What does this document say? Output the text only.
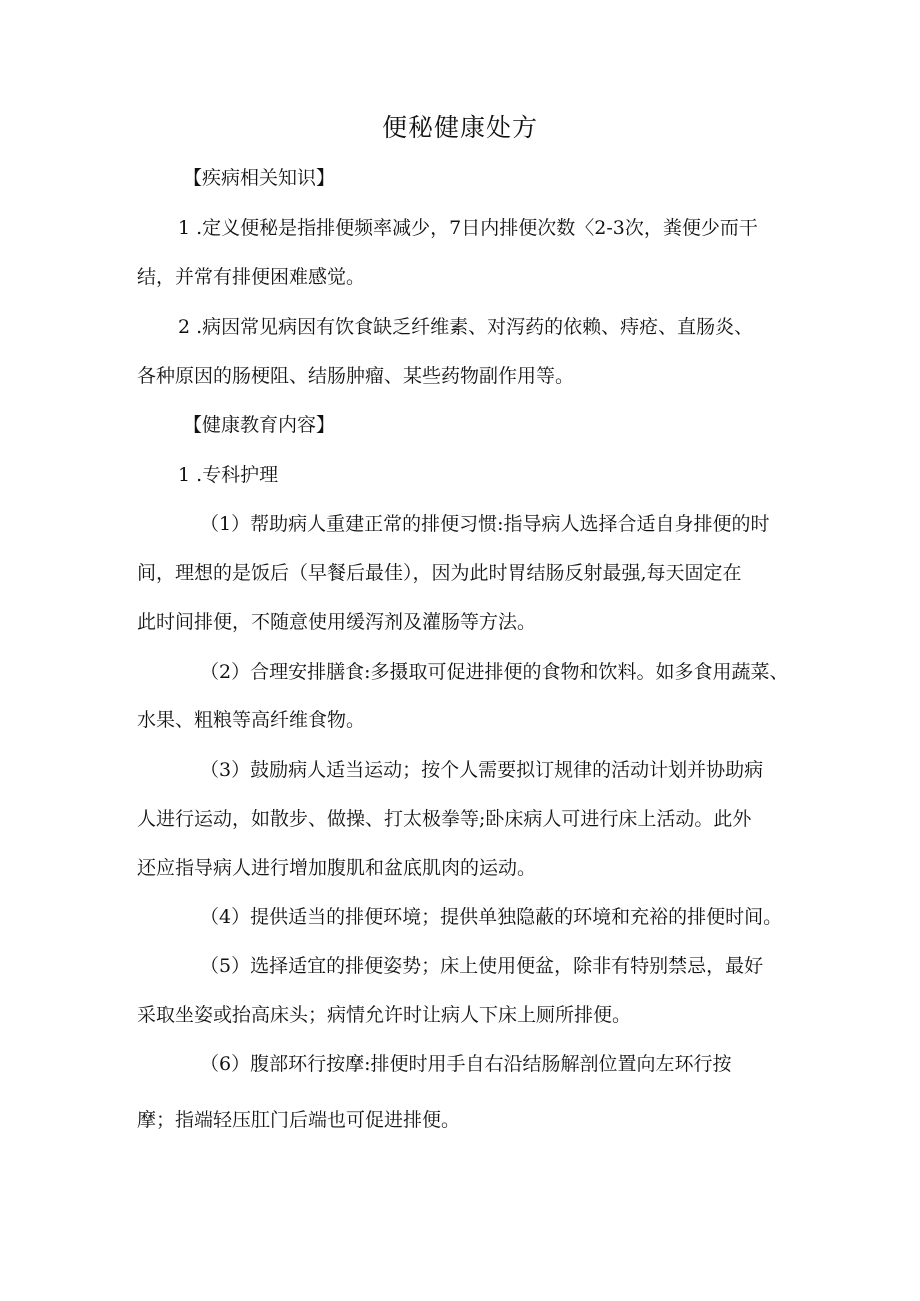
便秘健康处方

【疾病相关知识】

1 .定义便秘是指排便频率减少，7日内排便次数〈2-3次，粪便少而干

结，并常有排便困难感觉。

2 .病因常见病因有饮食缺乏纤维素、对泻药的依赖、痔疮、直肠炎、

各种原因的肠梗阻、结肠肿瘤、某些药物副作用等。

【健康教育内容】

1 .专科护理

（1）帮助病人重建正常的排便习惯:指导病人选择合适自身排便的时

间，理想的是饭后（早餐后最佳），因为此时胃结肠反射最强,每天固定在

此时间排便，不随意使用缓泻剂及灌肠等方法。

（2）合理安排膳食:多摄取可促进排便的食物和饮料。如多食用蔬菜、

水果、粗粮等高纤维食物。

（3）鼓励病人适当运动；按个人需要拟订规律的活动计划并协助病

人进行运动，如散步、做操、打太极拳等;卧床病人可进行床上活动。此外

还应指导病人进行增加腹肌和盆底肌肉的运动。

（4）提供适当的排便环境；提供单独隐蔽的环境和充裕的排便时间。

（5）选择适宜的排便姿势；床上使用便盆，除非有特别禁忌，最好

采取坐姿或抬高床头；病情允许时让病人下床上厕所排便。

（6）腹部环行按摩:排便时用手自右沿结肠解剖位置向左环行按

摩；指端轻压肛门后端也可促进排便。
